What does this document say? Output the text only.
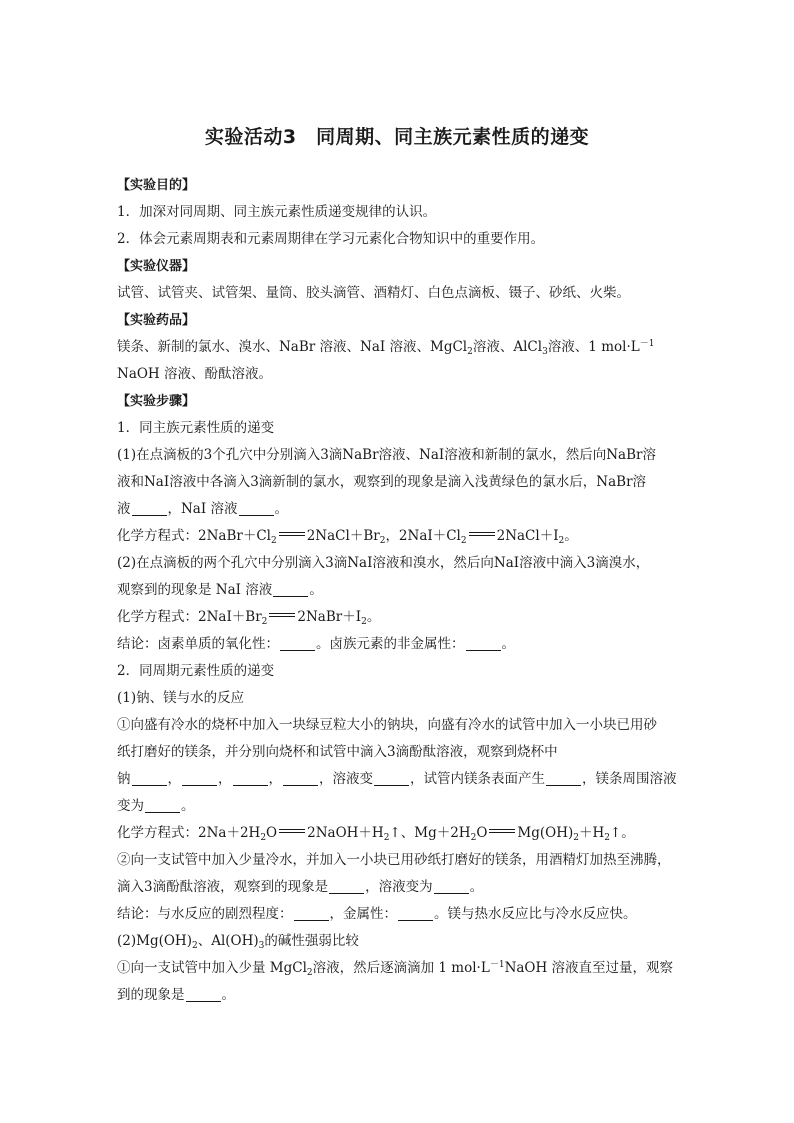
实验活动3　同周期、同主族元素性质的递变
【实验目的】
1．加深对同周期、同主族元素性质递变规律的认识。
2．体会元素周期表和元素周期律在学习元素化合物知识中的重要作用。
【实验仪器】
试管、试管夹、试管架、量筒、胶头滴管、酒精灯、白色点滴板、镊子、砂纸、火柴。
【实验药品】
镁条、新制的氯水、溴水、NaBr 溶液、NaI 溶液、MgCl$_2$溶液、AlCl$_3$溶液、1 $mol\cdot L^{-1}$
NaOH 溶液、酚酞溶液。
【实验步骤】
1．同主族元素性质的递变
(1)在点滴板的3个孔穴中分别滴入3滴NaBr溶液、NaI溶液和新制的氯水，然后向NaBr溶
液和NaI溶液中各滴入3滴新制的氯水，观察到的现象是滴入浅黄绿色的氯水后，NaBr溶
液	，NaI 溶液	。
化学方程式：$2NaBr+Cl_2$ $2NaCl+Br_2$，$2NaI+Cl_2$ $2NaCl+I_2$。
(2)在点滴板的两个孔穴中分别滴入3滴NaI溶液和溴水，然后向NaI溶液中滴入3滴溴水，
观察到的现象是 NaI 溶液	。
化学方程式：$2NaI+Br_2$ $2NaBr+I_2$。
结论：卤素单质的氧化性：	。卤族元素的非金属性：	。
2．同周期元素性质的递变
(1)钠、镁与水的反应
①向盛有冷水的烧杯中加入一块绿豆粒大小的钠块，向盛有冷水的试管中加入一小块已用砂
纸打磨好的镁条，并分别向烧杯和试管中滴入3滴酚酞溶液，观察到烧杯中
钠	，	，	，	，溶液变	，试管内镁条表面产生	，镁条周围溶液
变为	。
化学方程式：$2Na+2H_2O$ $2NaOH+H_2↑$、$Mg+2H_2O$ $Mg(OH)_2+H_2↑$。
②向一支试管中加入少量冷水，并加入一小块已用砂纸打磨好的镁条，用酒精灯加热至沸腾，
滴入3滴酚酞溶液，观察到的现象是	，溶液变为	。
结论：与水反应的剧烈程度：	，金属性：	。镁与热水反应比与冷水反应快。
$(2)Mg(OH)_2$、$Al(OH)_3$的碱性强弱比较
①向一支试管中加入少量 MgCl$_2$溶液，然后逐滴滴加 1 $mol\cdot L^{-1}NaOH$ 溶液直至过量，观察
到的现象是	。
